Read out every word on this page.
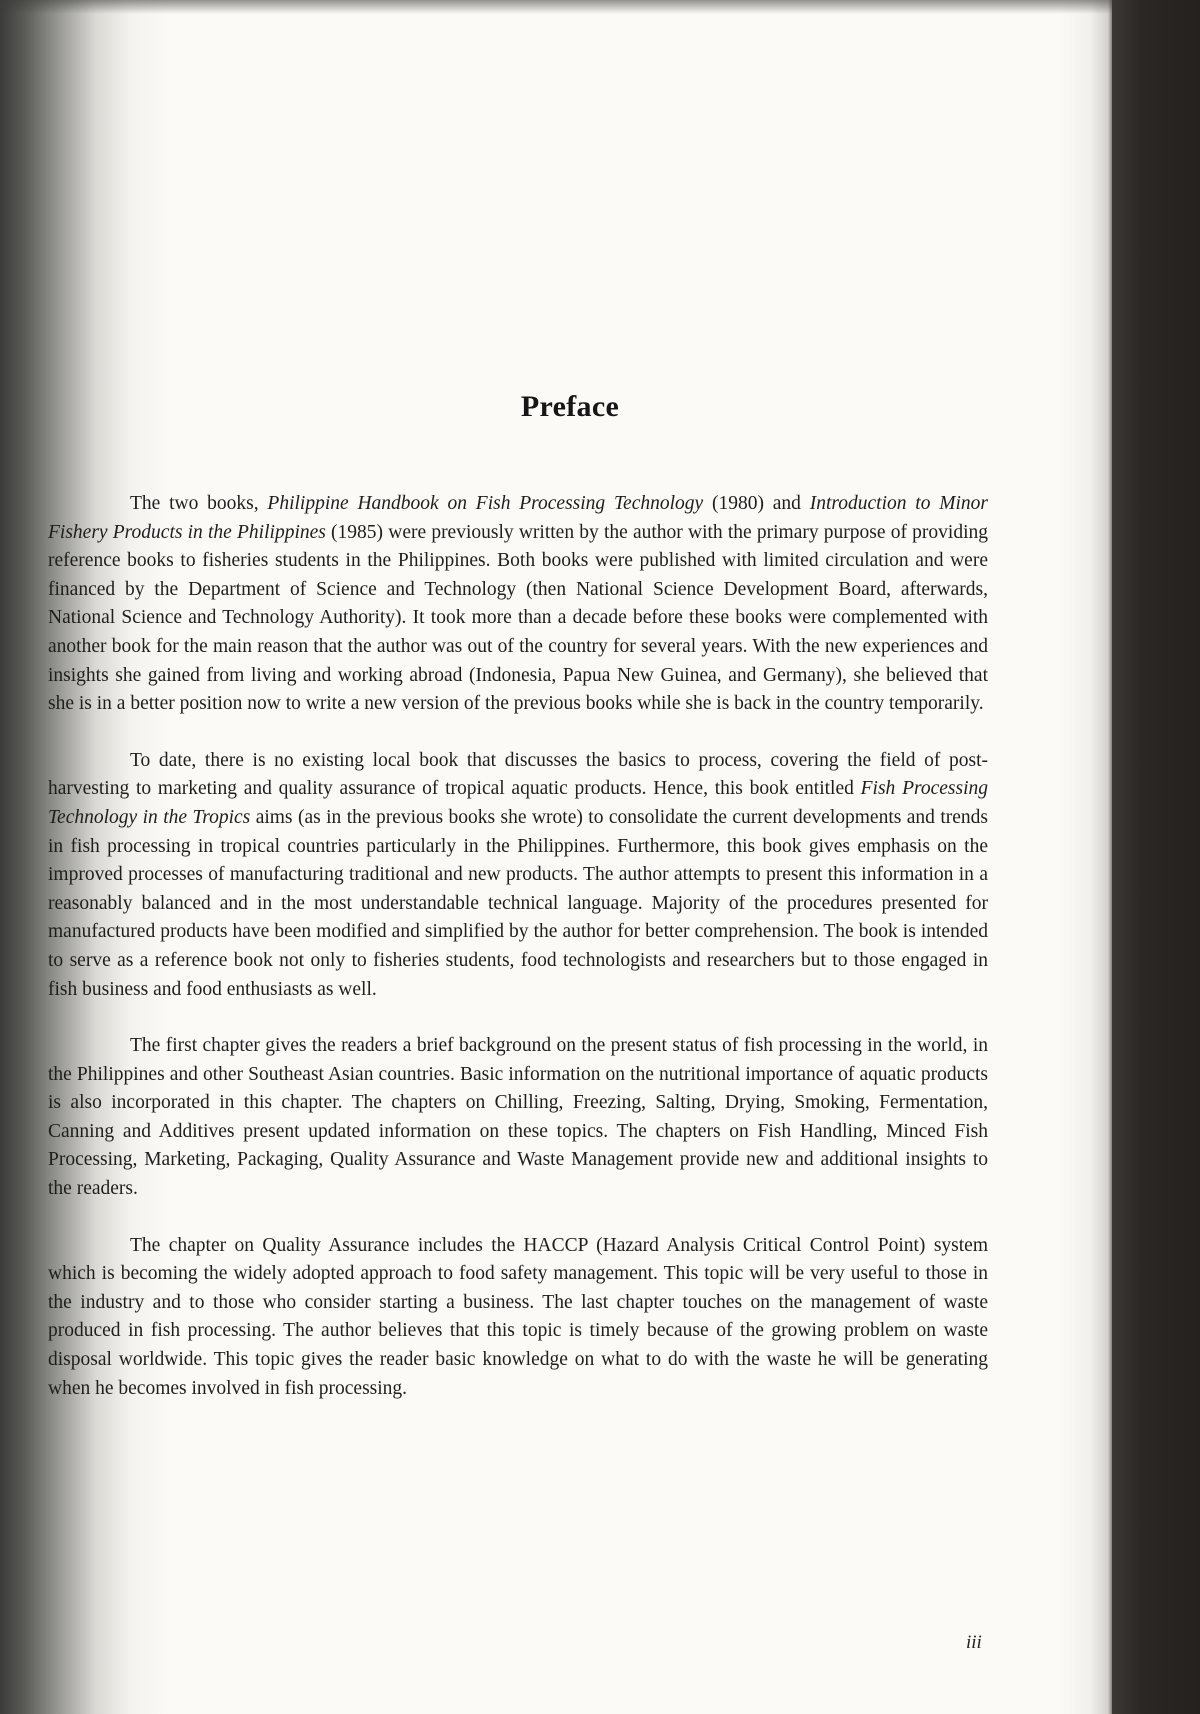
Preface

The two books, Philippine Handbook on Fish Processing Technology (1980) and Introduction to Minor Fishery Products in the Philippines (1985) were previously written by the author with the primary purpose of providing reference books to fisheries students in the Philippines. Both books were published with limited circulation and were financed by the Department of Science and Technology (then National Science Development Board, afterwards, National Science and Technology Authority). It took more than a decade before these books were complemented with another book for the main reason that the author was out of the country for several years. With the new experiences and insights she gained from living and working abroad (Indonesia, Papua New Guinea, and Germany), she believed that she is in a better position now to write a new version of the previous books while she is back in the country temporarily.

To date, there is no existing local book that discusses the basics to process, covering the field of post-harvesting to marketing and quality assurance of tropical aquatic products. Hence, this book entitled Fish Processing Technology in the Tropics aims (as in the previous books she wrote) to consolidate the current developments and trends in fish processing in tropical countries particularly in the Philippines. Furthermore, this book gives emphasis on the improved processes of manufacturing traditional and new products. The author attempts to present this information in a reasonably balanced and in the most understandable technical language. Majority of the procedures presented for manufactured products have been modified and simplified by the author for better comprehension. The book is intended to serve as a reference book not only to fisheries students, food technologists and researchers but to those engaged in fish business and food enthusiasts as well.

The first chapter gives the readers a brief background on the present status of fish processing in the world, in the Philippines and other Southeast Asian countries. Basic information on the nutritional importance of aquatic products is also incorporated in this chapter. The chapters on Chilling, Freezing, Salting, Drying, Smoking, Fermentation, Canning and Additives present updated information on these topics. The chapters on Fish Handling, Minced Fish Processing, Marketing, Packaging, Quality Assurance and Waste Management provide new and additional insights to the readers.

The chapter on Quality Assurance includes the HACCP (Hazard Analysis Critical Control Point) system which is becoming the widely adopted approach to food safety management. This topic will be very useful to those in the industry and to those who consider starting a business. The last chapter touches on the management of waste produced in fish processing. The author believes that this topic is timely because of the growing problem on waste disposal worldwide. This topic gives the reader basic knowledge on what to do with the waste he will be generating when he becomes involved in fish processing.

iii
